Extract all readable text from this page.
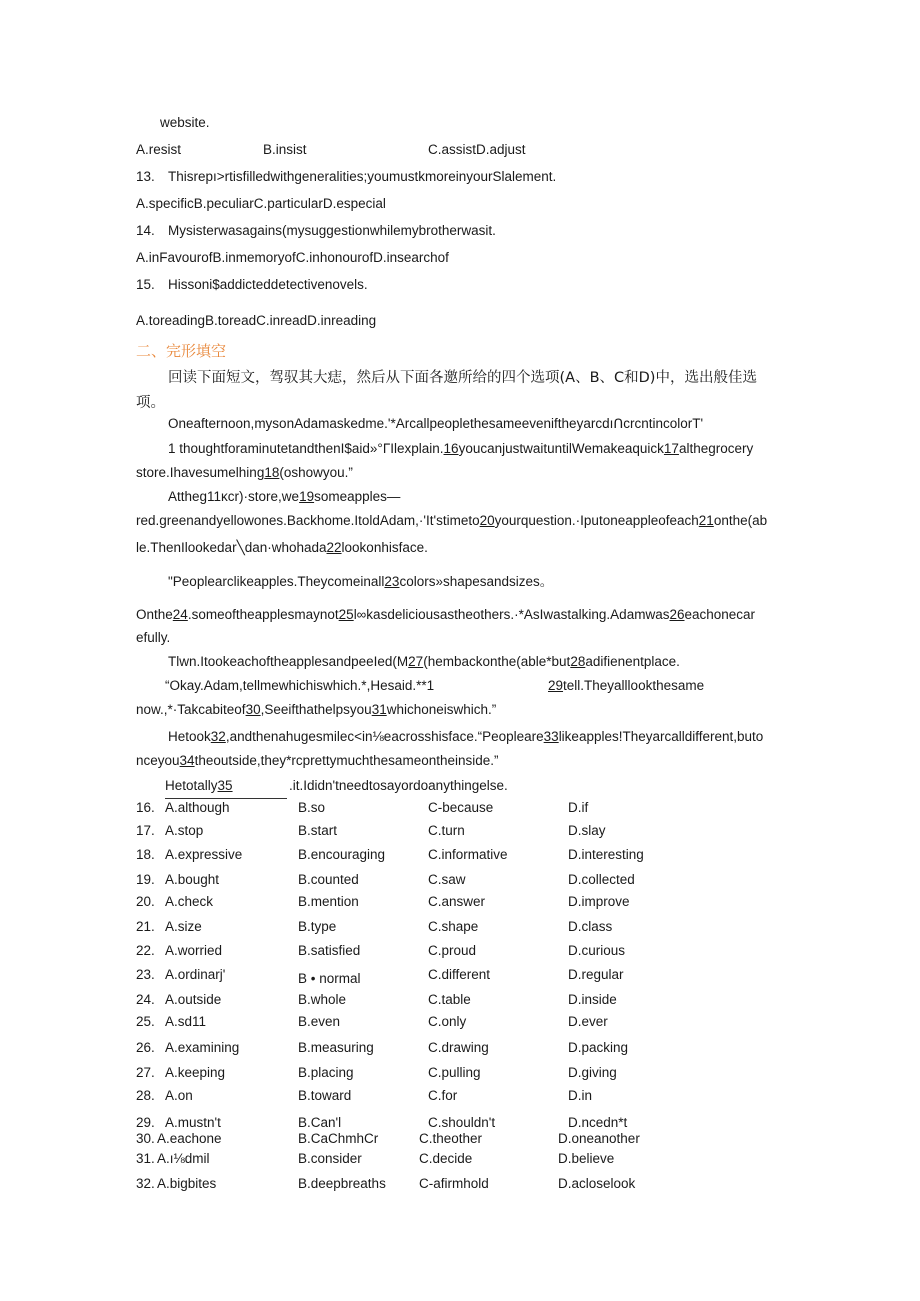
website.
A.resist	B.insist	C.assistD.adjust
13. Thisrepı>rtisfilledwithgeneralities;youmustkmoreinyourSlalement.
A.specificB.peculiarC.particularD.especial
14. Mysisterwasagains(mysuggestionwhilemybrotherwasit.
A.inFavourofB.inmemoryofC.inhonourofD.insearchof
15. Hissoni$addicteddetectivenovels.
A.toreadingB.toreadC.inreadD.inreading
二、完形填空
回读下面短文，驾驭其大痣，然后从下面各邀所给的四个选项(A、B、C和D)中，选出般佳选
项。
Oneafternoon,mysonAdamaskedme.'*ArcallpeoplethesameeveniftheyarcdıᑎcrcntincolorT'
1 thoughtforaminutetandthenI$aid»°ΓIlexplain.16youcanjustwaituntilWemakeaquick17althegrocery
store.Ihavesumelhing18(oshowyou.”
Attheg11κcr)·store,we19someapples—
red.greenandyellowones.Backhome.ItoldAdam,·'It'stimeto20yourquestion.·Iputoneappleofeach21onthe(ab
le.ThenIlookedar╲dan·whohada22lookonhisface.
"Peoplearclikeapples.Theycomeinall23colors»shapesandsizes。
Onthe24.someoftheapplesmaynot25l∞kasdeliciousastheothers.·*AsIwastalking.Adamwas26eachonecar
efully.
Tlwn.ItookeachoftheapplesandpeeIed(M27(hembackonthe(able*but28adifienentplace.
“Okay.Adam,tellmewhichiswhich.*,Hesaid.**1	29tell.Theyalllookthesame
now.,*·Takcabiteof30,Seeifthathelpsyou31whichoneiswhich.”
Hetook32,andthenahugesmilec<in⅛eacrosshisface.“Peopleare33likeapples!Theyarcalldifferent,buto
nceyou34theoutside,they*rcprettymuchthesameontheinside.”
Hetotally35	.it.Ididn'tneedtosayordoanythingelse.
16. A.although	B.so	C-because	D.if
17. A.stop	B.start	C.turn	D.slay
18. A.expressive	B.encouraging	C.informative	D.interesting
19. A.bought	B.counted	C.saw	D.collected
20. A.check	B.mention	C.answer	D.improve
21. A.size	B.type	C.shape	D.class
22. A.worried	B.satisfied	C.proud	D.curious
23. A.ordinarj'	B • normal	C.different	D.regular
24. A.outside	B.whole	C.table	D.inside
25. A.sd11	B.even	C.only	D.ever
26. A.examining	B.measuring	C.drawing	D.packing
27. A.keeping	B.placing	C.pulling	D.giving
28. A.on	B.toward	C.for	D.in
29. A.mustn't	B.Can'l	C.shouldn't	D.ncedn*t
30. A.eachone	B.CaChmhCr	C.theother	D.oneanother
31. A.ı⅛dmil	B.consider	C.decide	D.believe
32. A.bigbites	B.deepbreaths C-afirmhold	D.acloselook
